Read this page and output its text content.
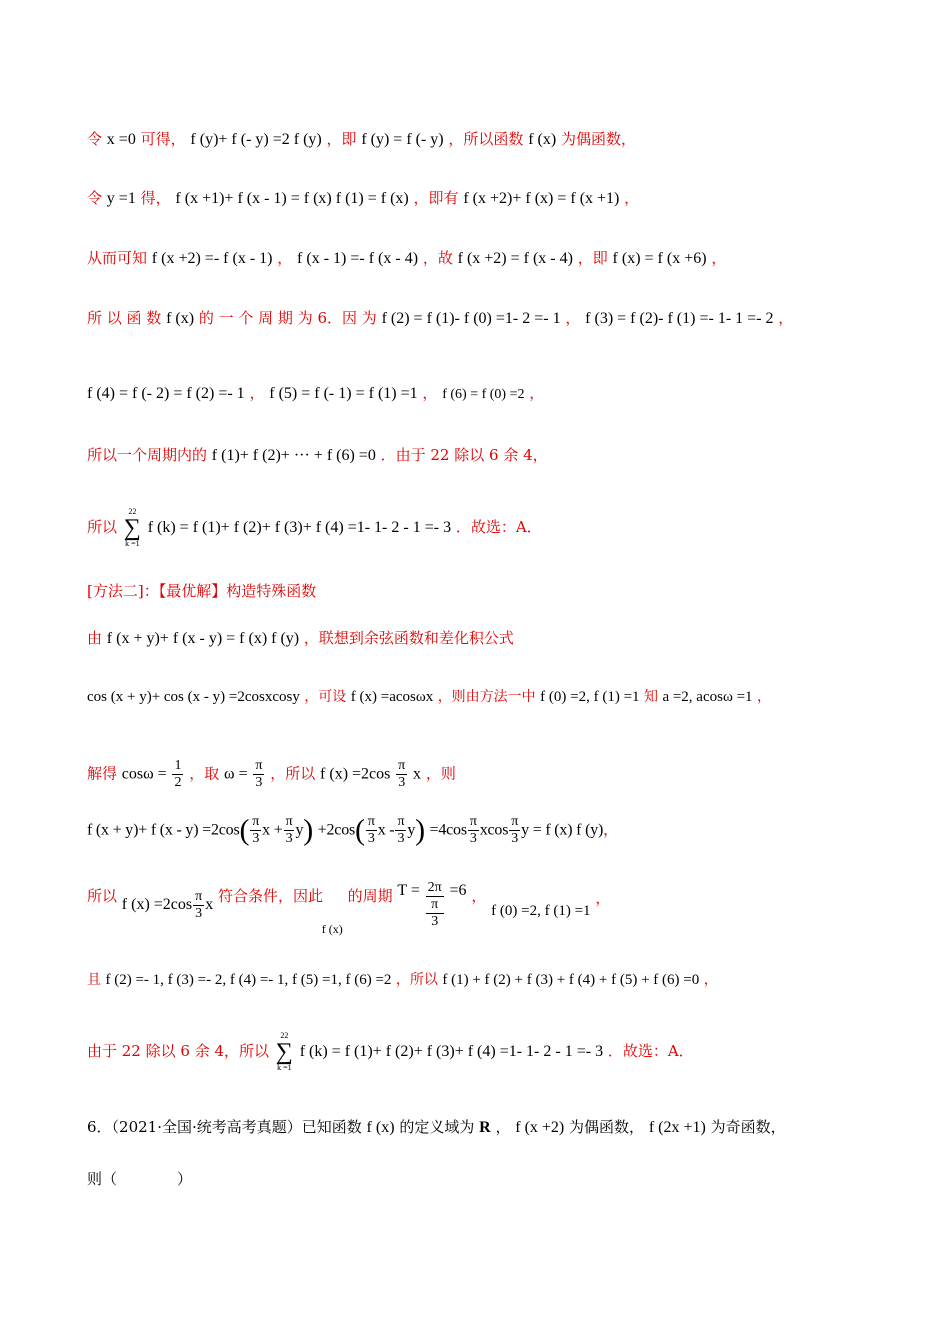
令 x =0 可得， f (y)+ f (- y) =2 f (y) ，即 f (y) = f (- y) ，所以函数 f (x) 为偶函数，
令 y =1 得， f (x +1)+ f (x - 1) = f (x) f (1) = f (x) ，即有 f (x +2)+ f (x) = f (x +1) ，
从而可知 f (x +2) =- f (x - 1) ， f (x - 1) =- f (x - 4) ，故 f (x +2) = f (x - 4) ，即 f (x) = f (x +6) ，
所 以 函 数 f (x) 的 一 个 周 期 为 6．因 为 f (2) = f (1)- f (0) =1- 2 =- 1 ， f (3) = f (2)- f (1) =- 1- 1 =- 2 ，
f (4) = f (- 2) = f (2) =- 1 ， f (5) = f (- 1) = f (1) =1 ， f (6) = f (0) =2 ，
所以一个周期内的 f (1)+ f (2)+ ··· + f (6) =0 ．由于 22 除以 6 余 4，
所以
22
∑
k =1
f (k) = f (1)+ f (2)+ f (3)+ f (4) =1- 1- 2 - 1 =- 3 ．故选：A．
[方法二]：【最优解】构造特殊函数
由 f (x + y)+ f (x - y) = f (x) f (y) ，联想到余弦函数和差化积公式
cos (x + y)+ cos (x - y) =2cosxcosy ，可设 f (x) =acosωx ，则由方法一中 f (0) =2, f (1) =1 知 a =2, acosω =1 ，
解得 $\cos\omega = \frac{1}{2}$ ，取 $\omega = \frac{\pi}{3}$ ，所以 f $(x) =2\cos \frac{\pi}{3}$ x ，则
f (x + y)+ f $(x - y) =2\cos( \frac{\pi}{3}$ $x + \frac{\pi}{3} y) +2\cos( \frac{\pi}{3}$ $x - \frac{\pi}{3} y) =4\cos \frac{\pi}{3}$ xcos $\frac{\pi}{3}$ y = f (x) f (y)，
所以 f $(x) =2\cos \frac{\pi}{3}$ x 符合条件，因此 f (x) 的周期 T = 2π
π
3
=6 ， f (0) =2, f (1) =1 ，
且 f (2) =- 1, f (3) =- 2, f (4) =- 1, f (5) =1, f (6) =2 ，所以 f (1) + f (2) + f (3) + f (4) + f (5) + f (6) =0 ，
由于 22 除以 6 余 4，所以
22
∑
k =1
f (k) = f (1)+ f (2)+ f (3)+ f (4) =1- 1- 2 - 1 =- 3 ．故选：A．
6．（2021·全国·统考高考真题）已知函数 f (x) 的定义域为 R ， f (x +2) 为偶函数， f (2x +1) 为奇函数，
则（　　　　）
